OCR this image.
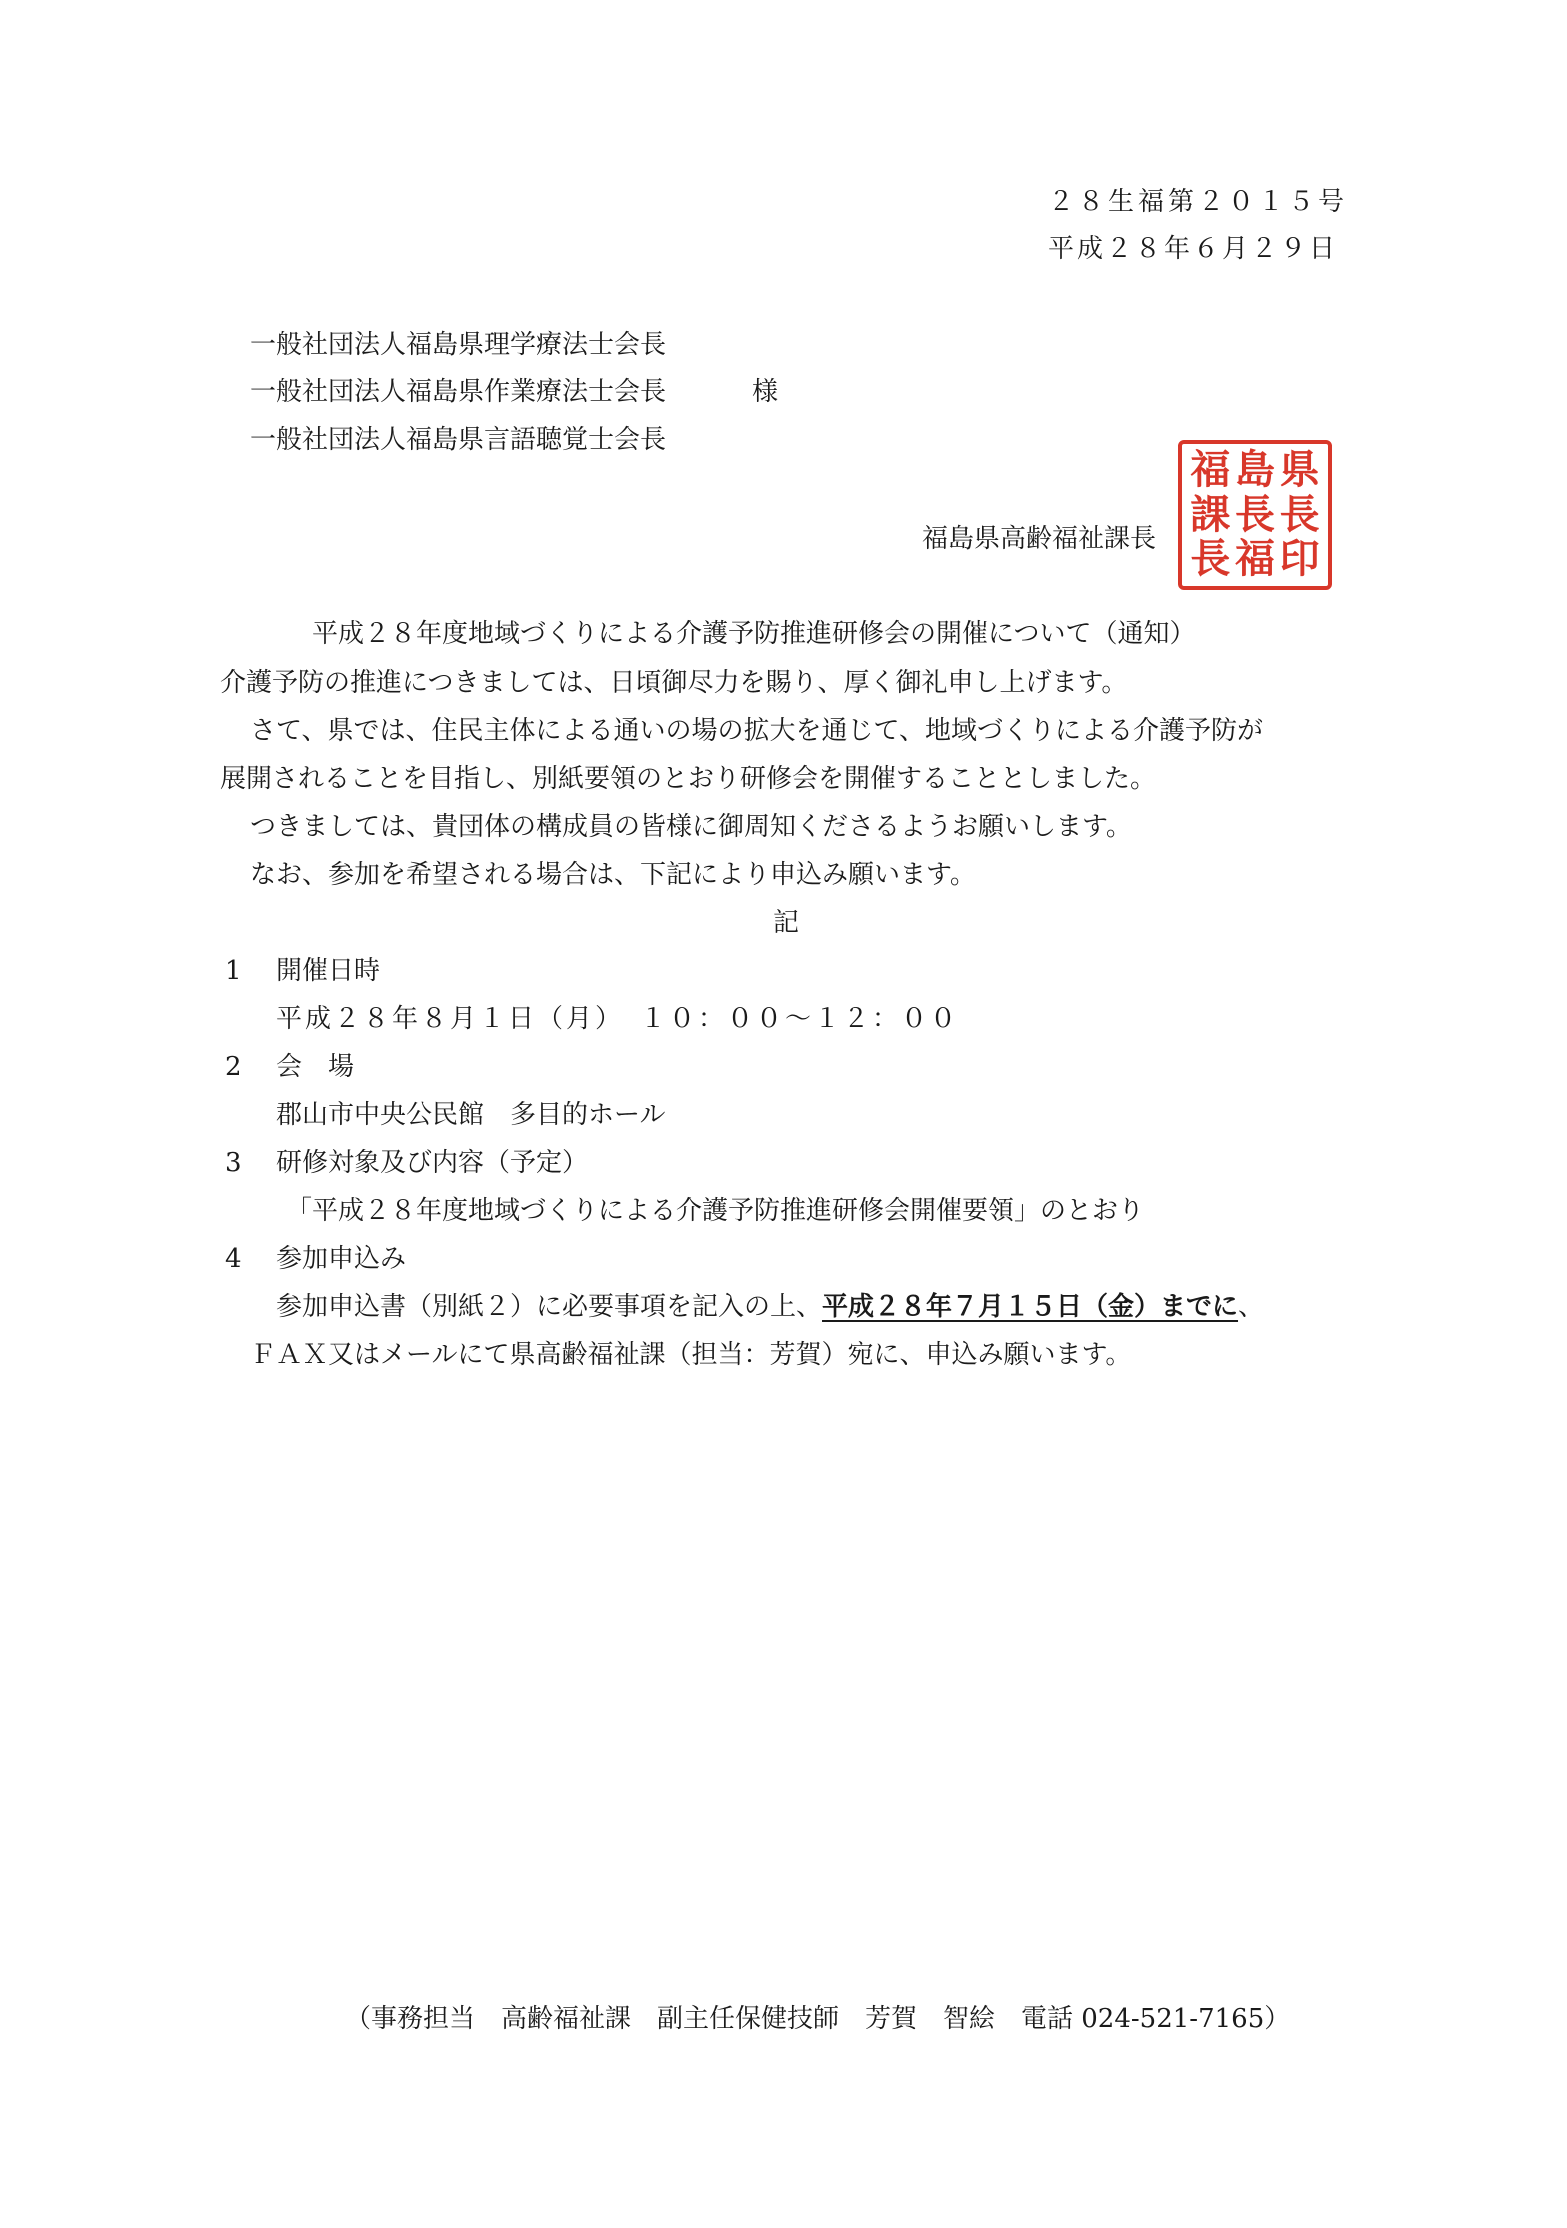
２８生福第２０１５号
平成２８年６月２９日
一般社団法人福島県理学療法士会長
一般社団法人福島県作業療法士会長	様
一般社団法人福島県言語聴覚士会長
福島県高齢福祉課長
福
課
長
島
長
福
県
長
印
平成２８年度地域づくりによる介護予防推進研修会の開催について（通知）
介護予防の推進につきましては、日頃御尽力を賜り、厚く御礼申し上げます。
さて、県では、住民主体による通いの場の拡大を通じて、地域づくりによる介護予防が
展開されることを目指し、別紙要領のとおり研修会を開催することとしました。
つきましては、貴団体の構成員の皆様に御周知くださるようお願いします。
なお、参加を希望される場合は、下記により申込み願います。
記
1 開催日時
平成２８年８月１日（月）　１０：００～１２：００
2 会　場
郡山市中央公民館　多目的ホール
3 研修対象及び内容（予定）
「平成２８年度地域づくりによる介護予防推進研修会開催要領」のとおり
4 参加申込み
参加申込書（別紙２）に必要事項を記入の上、平成２８年７月１５日（金）までに、
ＦＡＸ又はメールにて県高齢福祉課（担当：芳賀）宛に、申込み願います。
（事務担当　高齢福祉課　副主任保健技師　芳賀　智絵　電話 024-521-7165）
